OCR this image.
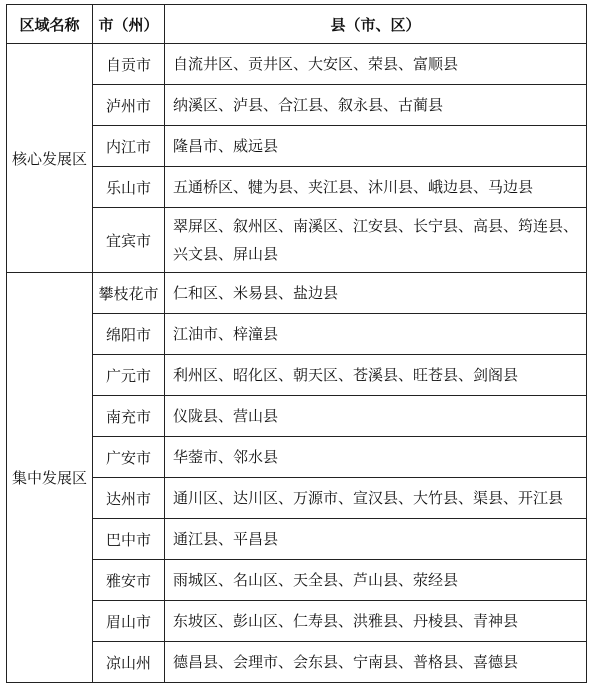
区域名称	市（州）	县（市、区）
核心发展区	自贡市	自流井区、贡井区、大安区、荣县、富顺县
	泸州市	纳溪区、泸县、合江县、叙永县、古蔺县
	内江市	隆昌市、威远县
	乐山市	五通桥区、犍为县、夹江县、沐川县、峨边县、马边县
	宜宾市	翠屏区、叙州区、南溪区、江安县、长宁县、高县、筠连县、兴文县、屏山县
集中发展区	攀枝花市	仁和区、米易县、盐边县
	绵阳市	江油市、梓潼县
	广元市	利州区、昭化区、朝天区、苍溪县、旺苍县、剑阁县
	南充市	仪陇县、营山县
	广安市	华蓥市、邻水县
	达州市	通川区、达川区、万源市、宣汉县、大竹县、渠县、开江县
	巴中市	通江县、平昌县
	雅安市	雨城区、名山区、天全县、芦山县、荥经县
	眉山市	东坡区、彭山区、仁寿县、洪雅县、丹棱县、青神县
	凉山州	德昌县、会理市、会东县、宁南县、普格县、喜德县
